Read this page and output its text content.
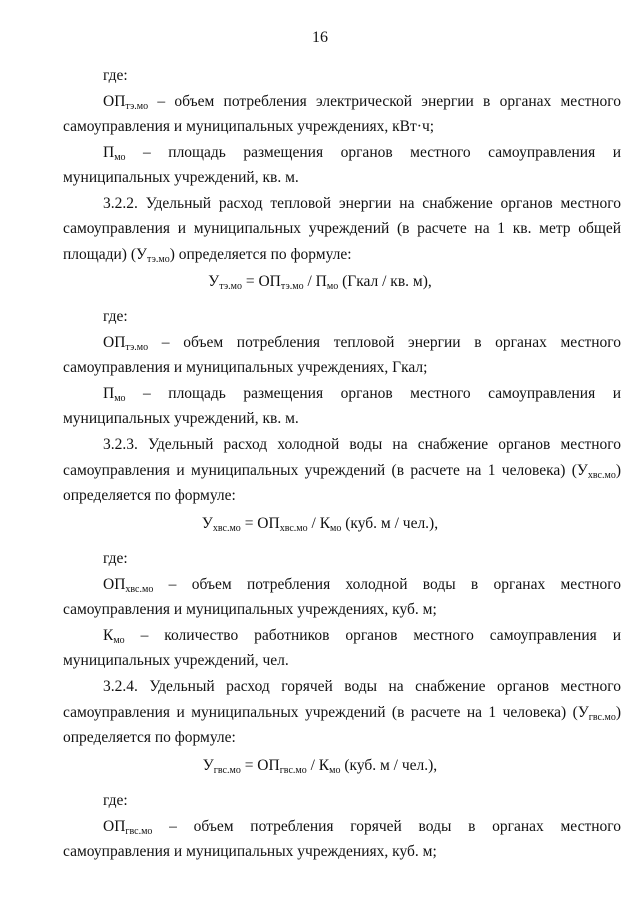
16
где:
$ОП_{тэ.мо}$ – объем потребления электрической энергии в органах местного
самоуправления и муниципальных учреждениях, кВт·ч;
$П_{мо}$ – площадь размещения органов местного самоуправления и
муниципальных учреждений, кв. м.
3.2.2. Удельный расход тепловой энергии на снабжение органов местного
самоуправления и муниципальных учреждений (в расчете на 1 кв. метр общей
площади) $(У_{тэ.мо})$ определяется по формуле:
$У_{тэ.мо} = ОП_{тэ.мо} / П_{мо}$ (Гкал / кв. м),
где:
$ОП_{тэ.мо}$ – объем потребления тепловой энергии в органах местного
самоуправления и муниципальных учреждениях, Гкал;
$П_{мо}$ – площадь размещения органов местного самоуправления и
муниципальных учреждений, кв. м.
3.2.3. Удельный расход холодной воды на снабжение органов местного
самоуправления и муниципальных учреждений (в расчете на 1 человека) $(У_{хвс.мо})$
определяется по формуле:
$У_{хвс.мо} = ОП_{хвс.мо} / К_{мо}$ (куб. м / чел.),
где:
$ОП_{хвс.мо}$ – объем потребления холодной воды в органах местного
самоуправления и муниципальных учреждениях, куб. м;
$К_{мо}$ – количество работников органов местного самоуправления и
муниципальных учреждений, чел.
3.2.4. Удельный расход горячей воды на снабжение органов местного
самоуправления и муниципальных учреждений (в расчете на 1 человека) $(У_{гвс.мо})$
определяется по формуле:
$У_{гвс.мо} = ОП_{гвс.мо} / К_{мо}$ (куб. м / чел.),
где:
$ОП_{гвс.мо}$ – объем потребления горячей воды в органах местного
самоуправления и муниципальных учреждениях, куб. м;
